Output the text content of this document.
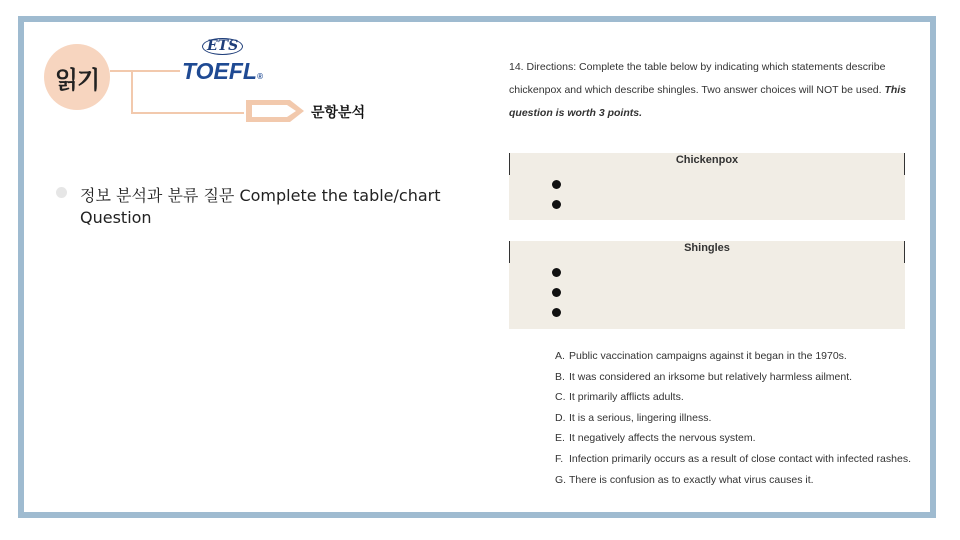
읽기
ETS
TOEFL®
문항분석
정보 분석과 분류 질문 Complete the table/chart Question
14. Directions: Complete the table below by indicating which statements describe chickenpox and which describe shingles. Two answer choices will NOT be used. This question is worth 3 points.
Chickenpox
Shingles
A. Public vaccination campaigns against it began in the 1970s.
B. It was considered an irksome but relatively harmless ailment.
C. It primarily afflicts adults.
D. It is a serious, lingering illness.
E. It negatively affects the nervous system.
F. Infection primarily occurs as a result of close contact with infected rashes.
G. There is confusion as to exactly what virus causes it.
